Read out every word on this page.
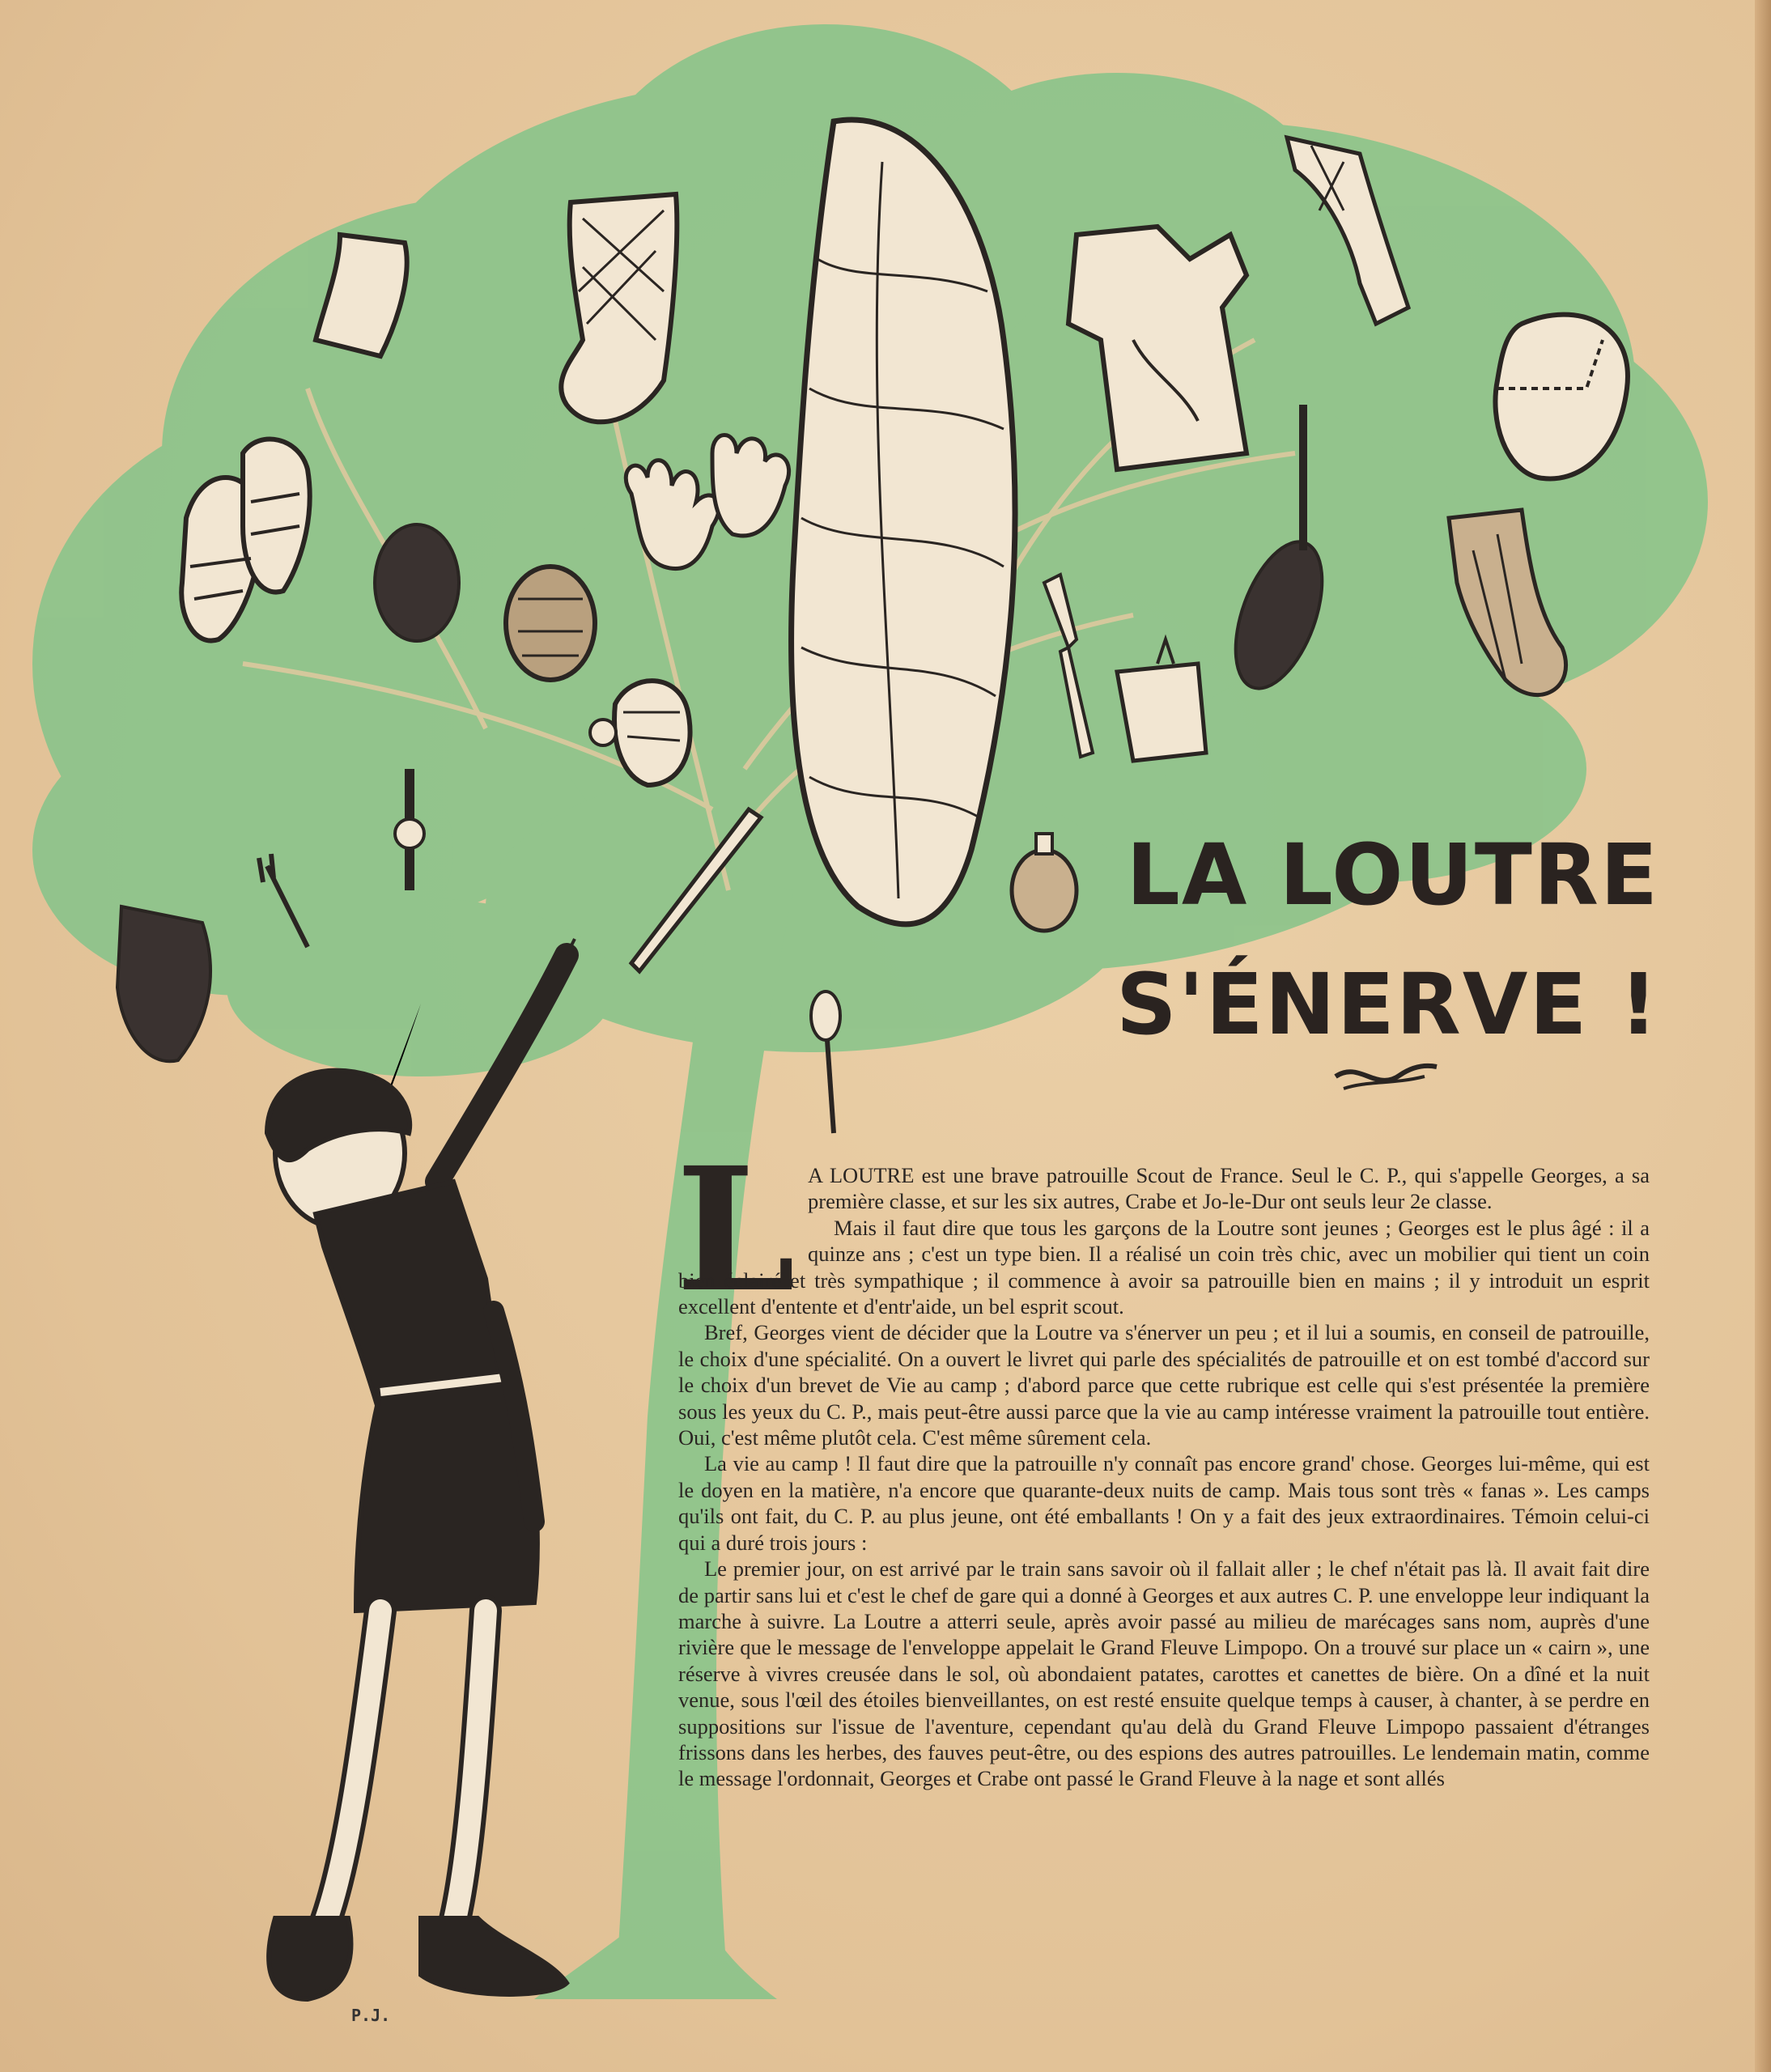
LA LOUTRE
S'ÉNERVE !
L A LOUTRE est une brave patrouille Scout de France. Seul le C. P., qui s'appelle Georges, a sa première classe, et sur les six autres, Crabe et Jo-le-Dur ont seuls leur 2e classe.

Mais il faut dire que tous les garçons de la Loutre sont jeunes ; Georges est le plus âgé : il a quinze ans ; c'est un type bien. Il a réalisé un coin très chic, avec un mobilier qui tient un coin bien éclairé et très sympathique ; il commence à avoir sa patrouille bien en mains ; il y introduit un esprit excellent d'entente et d'entr'aide, un bel esprit scout.

Bref, Georges vient de décider que la Loutre va s'énerver un peu ; et il lui a soumis, en conseil de patrouille, le choix d'une spécialité. On a ouvert le livret qui parle des spécialités de patrouille et on est tombé d'accord sur le choix d'un brevet de Vie au camp ; d'abord parce que cette rubrique est celle qui s'est présentée la première sous les yeux du C. P., mais peut-être aussi parce que la vie au camp intéresse vraiment la patrouille tout entière. Oui, c'est même plutôt cela. C'est même sûrement cela.

La vie au camp ! Il faut dire que la patrouille n'y connaît pas encore grand' chose. Georges lui-même, qui est le doyen en la matière, n'a encore que quarante-deux nuits de camp. Mais tous sont très « fanas ». Les camps qu'ils ont fait, du C. P. au plus jeune, ont été emballants ! On y a fait des jeux extraordinaires. Témoin celui-ci qui a duré trois jours :

Le premier jour, on est arrivé par le train sans savoir où il fallait aller ; le chef n'était pas là. Il avait fait dire de partir sans lui et c'est le chef de gare qui a donné à Georges et aux autres C. P. une enveloppe leur indiquant la marche à suivre. La Loutre a atterri seule, après avoir passé au milieu de marécages sans nom, auprès d'une rivière que le message de l'enveloppe appelait le Grand Fleuve Limpopo. On a trouvé sur place un « cairn », une réserve à vivres creusée dans le sol, où abondaient patates, carottes et canettes de bière. On a dîné et la nuit venue, sous l'œil des étoiles bienveillantes, on est resté ensuite quelque temps à causer, à chanter, à se perdre en suppositions sur l'issue de l'aventure, cependant qu'au delà du Grand Fleuve Limpopo passaient d'étranges frissons dans les herbes, des fauves peut-être, ou des espions des autres patrouilles. Le lendemain matin, comme le message l'ordonnait, Georges et Crabe ont passé le Grand Fleuve à la nage et sont allés

P.J.
